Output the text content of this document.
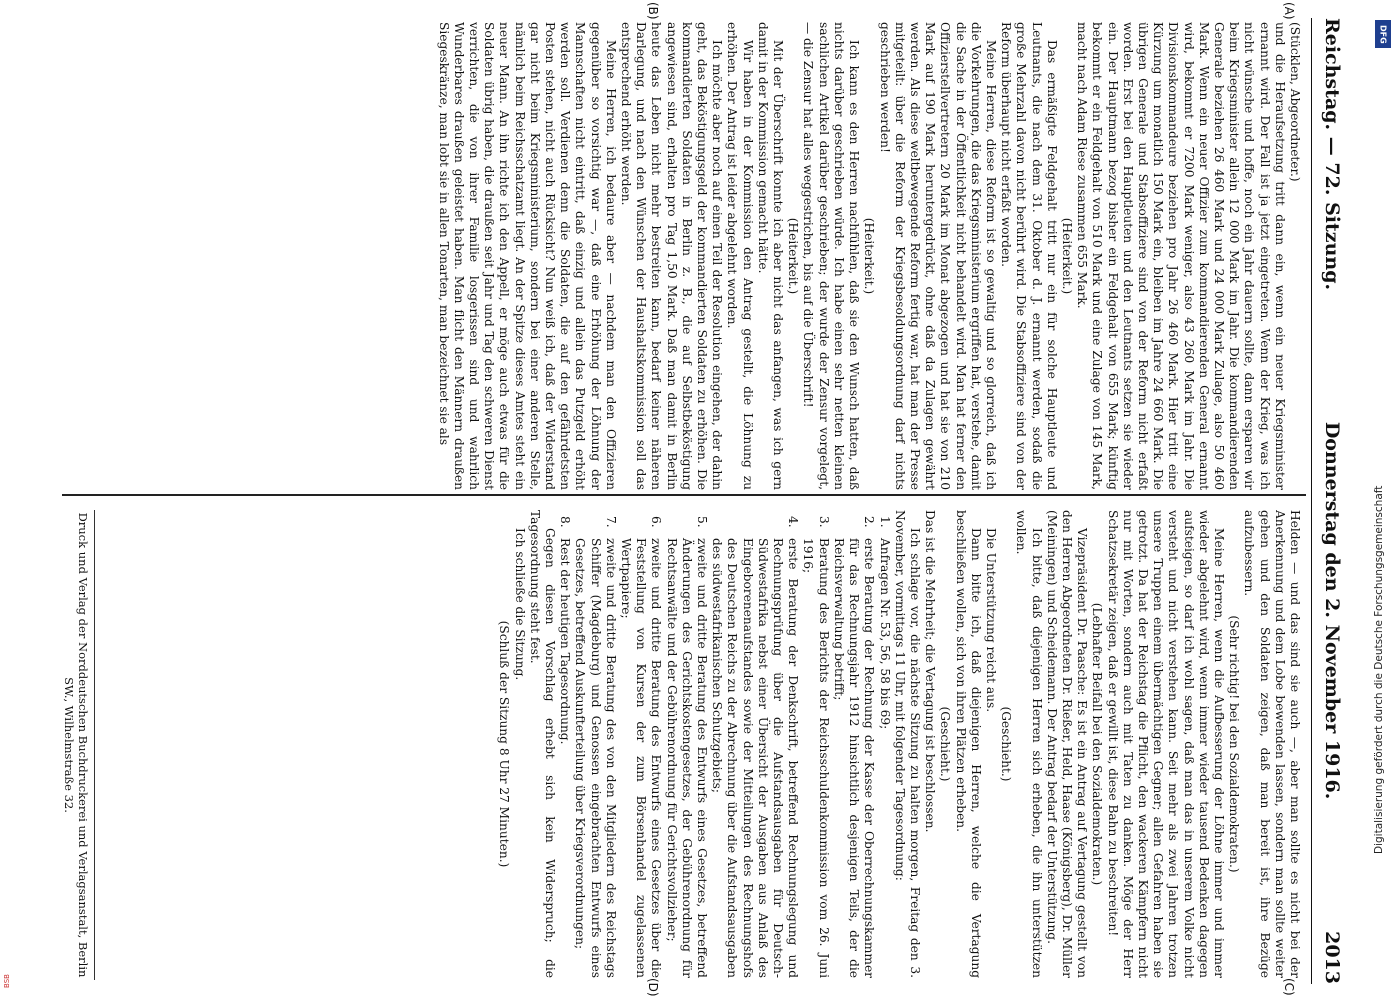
Reichstag. — 72. Sitzung.
Donnerstag den 2. November 1916.
2013
(A)
(B)
(C)
(D)

(Stücklen, Abgeordneter.)

und die Heraufsetzung tritt dann ein, wenn ein neuer Kriegsminister ernannt wird. Der Fall ist ja jetzt eingetreten. Wenn der Krieg, was ich nicht wünsche und hoffe, noch ein Jahr dauern sollte, dann ersparen wir beim Kriegsminister allein 12 000 Mark im Jahr. Die kommandierenden Generale beziehen 26 460 Mark und 24 000 Mark Zulage, also 50 460 Mark. Wenn ein neuer Offizier zum kommandierenden General ernannt wird, bekommt er 7200 Mark weniger, also 43 260 Mark im Jahr. Die Divisionskommandeure beziehen pro Jahr 26 460 Mark. Hier tritt eine Kürzung um monatlich 150 Mark ein, bleiben im Jahre 24 660 Mark. Die übrigen Generale und Stabsoffiziere sind von der Reform nicht erfaßt worden. Erst bei den Hauptleuten und den Leutnants setzen sie wieder ein. Der Hauptmann bezog bisher ein Feldgehalt von 655 Mark; künftig bekommt er ein Feldgehalt von 510 Mark und eine Zulage von 145 Mark, macht nach Adam Riese zusammen 655 Mark.

(Heiterkeit.)

Das ermäßigte Feldgehalt tritt nur ein für solche Hauptleute und Leutnants, die nach dem 31. Oktober d. J. ernannt werden, sodaß die große Mehrzahl davon nicht berührt wird. Die Stabsoffiziere sind von der Reform überhaupt nicht erfaßt worden.

Meine Herren, diese Reform ist so gewaltig und so glorreich, daß ich die Vorkehrungen, die das Kriegsministerium ergriffen hat, verstehe, damit die Sache in der Öffentlichkeit nicht behandelt wird. Man hat ferner den Offizierstellvertretern 20 Mark im Monat abgezogen und hat sie von 210 Mark auf 190 Mark heruntergedrückt, ohne daß da Zulagen gewährt werden. Als diese weltbewegende Reform fertig war, hat man der Presse mitgeteilt: über die Reform der Kriegsbesoldungsordnung darf nichts geschrieben werden!

(Heiterkeit.)

Ich kann es den Herren nachfühlen, daß sie den Wunsch hatten, daß nichts darüber geschrieben würde. Ich habe einen sehr netten kleinen sachlichen Artikel darüber geschrieben; der wurde der Zensur vorgelegt, — die Zensur hat alles weggestrichen, bis auf die Überschrift!

(Heiterkeit.)

Mit der Überschrift konnte ich aber nicht das anfangen, was ich gern damit in der Kommission gemacht hätte.

Wir haben in der Kommission den Antrag gestellt, die Löhnung zu erhöhen. Der Antrag ist leider abgelehnt worden.

Ich möchte aber noch auf einen Teil der Resolution eingehen, der dahin geht, das Beköstigungsgeld der kommandierten Soldaten zu erhöhen. Die kommandierten Soldaten in Berlin z. B., die auf Selbstbeköstigung angewiesen sind, erhalten pro Tag 1,50 Mark. Daß man damit in Berlin heute das Leben nicht mehr bestreiten kann, bedarf keiner näheren Darlegung, und nach den Wünschen der Haushaltskommission soll das entsprechend erhöht werden.

Meine Herren, ich bedaure aber — nachdem man den Offizieren gegenüber so vorsichtig war —, daß eine Erhöhung der Löhnung der Mannschaften nicht eintritt, daß einzig und allein das Putzgeld erhöht werden soll. Verdienen denn die Soldaten, die auf den gefährdetsten Posten stehen, nicht auch Rücksicht? Nun weiß ich, daß der Widerstand gar nicht beim Kriegsministerium, sondern bei einer anderen Stelle, nämlich beim Reichsschatzamt liegt. An der Spitze dieses Amtes steht ein neuer Mann. An ihn richte ich den Appell, er möge auch etwas für die Soldaten übrig haben, die draußen seit Jahr und Tag den schweren Dienst verrichten, die von ihrer Familie losgerissen sind und wahrlich Wunderbares draußen geleistet haben. Man flicht den Männern draußen Siegeskränze, man lobt sie in allen Tonarten, man bezeichnet sie als

Helden — und das sind sie auch —, aber man sollte es nicht bei der Anerkennung und dem Lobe bewenden lassen, sondern man sollte weiter gehen und den Soldaten zeigen, daß man bereit ist, ihre Bezüge aufzubessern.

(Sehr richtig! bei den Sozialdemokraten.)

Meine Herren, wenn die Aufbesserung der Löhne immer und immer wieder abgelehnt wird, wenn immer wieder tausend Bedenken dagegen aufsteigen, so darf ich wohl sagen, daß man das in unserem Volke nicht versteht und nicht verstehen kann. Seit mehr als zwei Jahren trotzen unsere Truppen einem übermächtigen Gegner; allen Gefahren haben sie getrotzt. Da hat der Reichstag die Pflicht, den wackeren Kämpfern nicht nur mit Worten, sondern auch mit Taten zu danken. Möge der Herr Schatzsekretär zeigen, daß er gewillt ist, diese Bahn zu beschreiten!

(Lebhafter Beifall bei den Sozialdemokraten.)

Vizepräsident Dr. Paasche: Es ist ein Antrag auf Vertagung gestellt von den Herren Abgeordneten Dr. Rießer, Held, Haase (Königsberg), Dr. Müller (Meiningen) und Scheidemann. Der Antrag bedarf der Unterstützung.

Ich bitte, daß diejenigen Herren sich erheben, die ihn unterstützen wollen.

(Geschieht.)

Die Unterstützung reicht aus.

Dann bitte ich, daß diejenigen Herren, welche die Vertagung beschließen wollen, sich von ihren Plätzen erheben.

(Geschieht.)

Das ist die Mehrheit; die Vertagung ist beschlossen.

Ich schlage vor, die nächste Sitzung zu halten morgen, Freitag den 3. November, vormittags 11 Uhr, mit folgender Tagesordnung:

1.
Anfragen Nr. 53, 56, 58 bis 69;
2.
erste Beratung der Rechnung der Kasse der Oberrechnungskammer für das Rechnungsjahr 1912 hinsichtlich desjenigen Teils, der die Reichsverwaltung betrifft;
3.
Beratung des Berichts der Reichsschuldenkommission vom 26. Juni 1916;
4.
erste Beratung der Denkschrift, betreffend Rechnungslegung und Rechnungsprüfung über die Aufstandsausgaben für Deutsch-Südwestafrika nebst einer Übersicht der Ausgaben aus Anlaß des Eingeborenenaufstandes sowie der Mitteilungen des Rechnungshofs des Deutschen Reichs zu der Abrechnung über die Aufstandsausgaben des südwestafrikanischen Schutzgebiets;
5.
zweite und dritte Beratung des Entwurfs eines Gesetzes, betreffend Änderungen des Gerichtskostengesetzes, der Gebührenordnung für Rechtsanwälte und der Gebührenordnung für Gerichtsvollzieher;
6.
zweite und dritte Beratung des Entwurfs eines Gesetzes über die Feststellung von Kursen der zum Börsenhandel zugelassenen Wertpapiere;
7.
zweite und dritte Beratung des von den Mitgliedern des Reichstags Schiffer (Magdeburg) und Genossen eingebrachten Entwurfs eines Gesetzes, betreffend Auskunfterteilung über Kriegsverordnungen;
8.
Rest der heutigen Tagesordnung.

Gegen diesen Vorschlag erhebt sich kein Widerspruch; die Tagesordnung steht fest.

Ich schließe die Sitzung.

(Schluß der Sitzung 8 Uhr 27 Minuten.)

Druck und Verlag der Norddeutschen Buchdruckerei und Verlagsanstalt, Berlin SW., Wilhelmstraße 32.
DFG
Digitalisierung gefördert durch die Deutsche Forschungsgemeinschaft
BSB
